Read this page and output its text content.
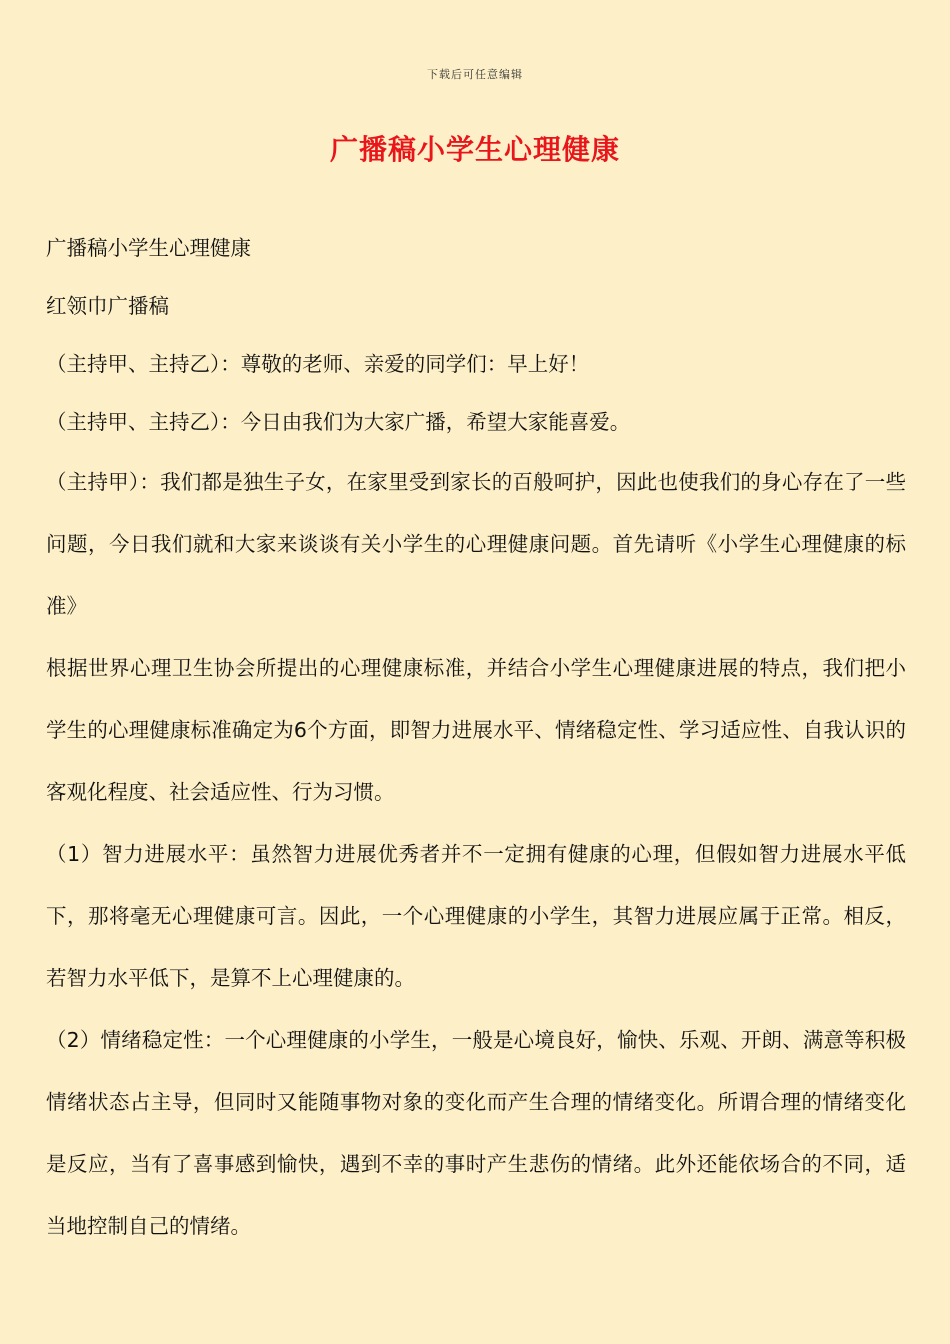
下载后可任意编辑
广播稿小学生心理健康

广播稿小学生心理健康

红领巾广播稿

（主持甲、主持乙）：尊敬的老师、亲爱的同学们：早上好！

（主持甲、主持乙）：今日由我们为大家广播，希望大家能喜爱。

（主持甲）：我们都是独生子女，在家里受到家长的百般呵护，因此也使我们的身心存在了一些问题，今日我们就和大家来谈谈有关小学生的心理健康问题。首先请听《小学生心理健康的标准》

根据世界心理卫生协会所提出的心理健康标准，并结合小学生心理健康进展的特点，我们把小学生的心理健康标准确定为6个方面，即智力进展水平、情绪稳定性、学习适应性、自我认识的客观化程度、社会适应性、行为习惯。

（1）智力进展水平：虽然智力进展优秀者并不一定拥有健康的心理，但假如智力进展水平低下，那将毫无心理健康可言。因此，一个心理健康的小学生，其智力进展应属于正常。相反，若智力水平低下，是算不上心理健康的。

（2）情绪稳定性：一个心理健康的小学生，一般是心境良好，愉快、乐观、开朗、满意等积极情绪状态占主导，但同时又能随事物对象的变化而产生合理的情绪变化。所谓合理的情绪变化是反应，当有了喜事感到愉快，遇到不幸的事时产生悲伤的情绪。此外还能依场合的不同，适当地控制自己的情绪。
